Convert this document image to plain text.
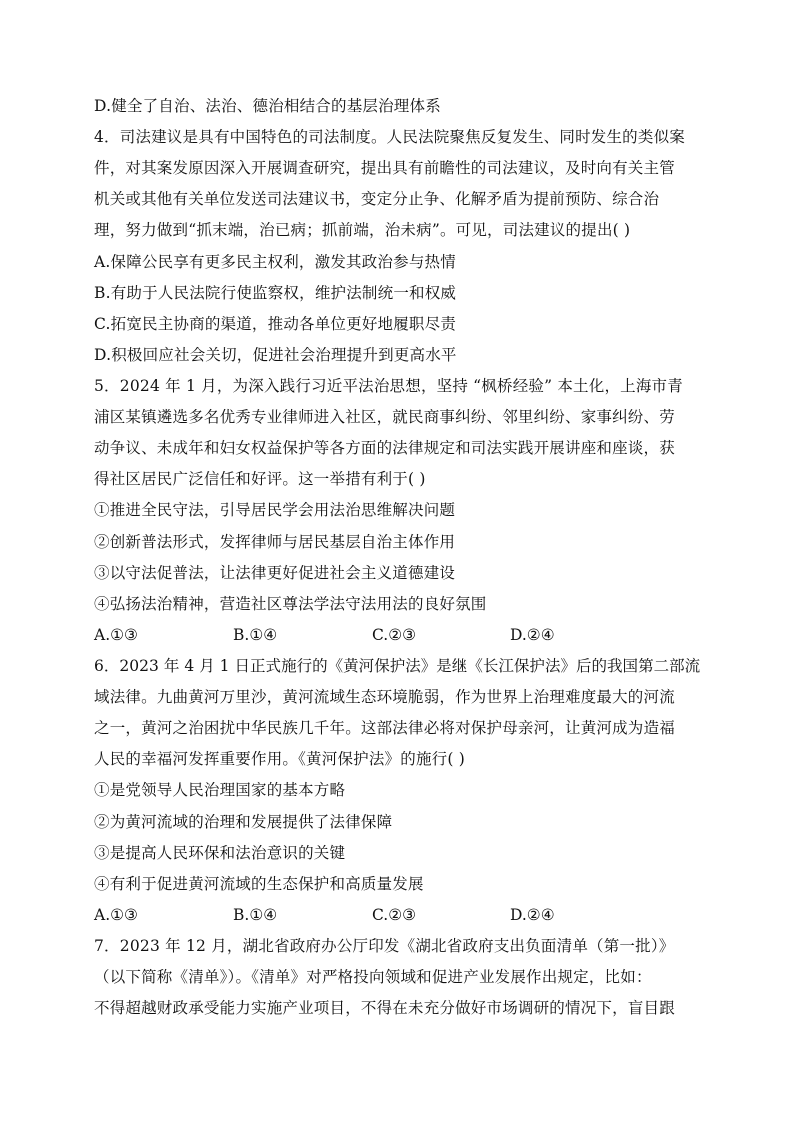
D.健全了自治、法治、德治相结合的基层治理体系
4．司法建议是具有中国特色的司法制度。人民法院聚焦反复发生、同时发生的类似案
件，对其案发原因深入开展调查研究，提出具有前瞻性的司法建议，及时向有关主管
机关或其他有关单位发送司法建议书，变定分止争、化解矛盾为提前预防、综合治
理，努力做到“抓末端，治已病；抓前端，治未病”。可见，司法建议的提出( )
A.保障公民享有更多民主权利，激发其政治参与热情
B.有助于人民法院行使监察权，维护法制统一和权威
C.拓宽民主协商的渠道，推动各单位更好地履职尽责
D.积极回应社会关切，促进社会治理提升到更高水平
5．2024 年 1 月，为深入践行习近平法治思想，坚持 “枫桥经验” 本土化，上海市青
浦区某镇遴选多名优秀专业律师进入社区，就民商事纠纷、邻里纠纷、家事纠纷、劳
动争议、未成年和妇女权益保护等各方面的法律规定和司法实践开展讲座和座谈，获
得社区居民广泛信任和好评。这一举措有利于( )
①推进全民守法，引导居民学会用法治思维解决问题
②创新普法形式，发挥律师与居民基层自治主体作用
③以守法促普法，让法律更好促进社会主义道德建设
④弘扬法治精神，营造社区尊法学法守法用法的良好氛围
A.①③	B.①④	C.②③	D.②④
6．2023 年 4 月 1 日正式施行的《黄河保护法》是继《长江保护法》后的我国第二部流
域法律。九曲黄河万里沙，黄河流域生态环境脆弱，作为世界上治理难度最大的河流
之一，黄河之治困扰中华民族几千年。这部法律必将对保护母亲河，让黄河成为造福
人民的幸福河发挥重要作用。《黄河保护法》的施行( )
①是党领导人民治理国家的基本方略
②为黄河流域的治理和发展提供了法律保障
③是提高人民环保和法治意识的关键
④有利于促进黄河流域的生态保护和高质量发展
A.①③	B.①④	C.②③	D.②④
7．2023 年 12 月，湖北省政府办公厅印发《湖北省政府支出负面清单（第一批）》
（以下简称《清单》）。《清单》对严格投向领域和促进产业发展作出规定，比如：
不得超越财政承受能力实施产业项目，不得在未充分做好市场调研的情况下，盲目跟
